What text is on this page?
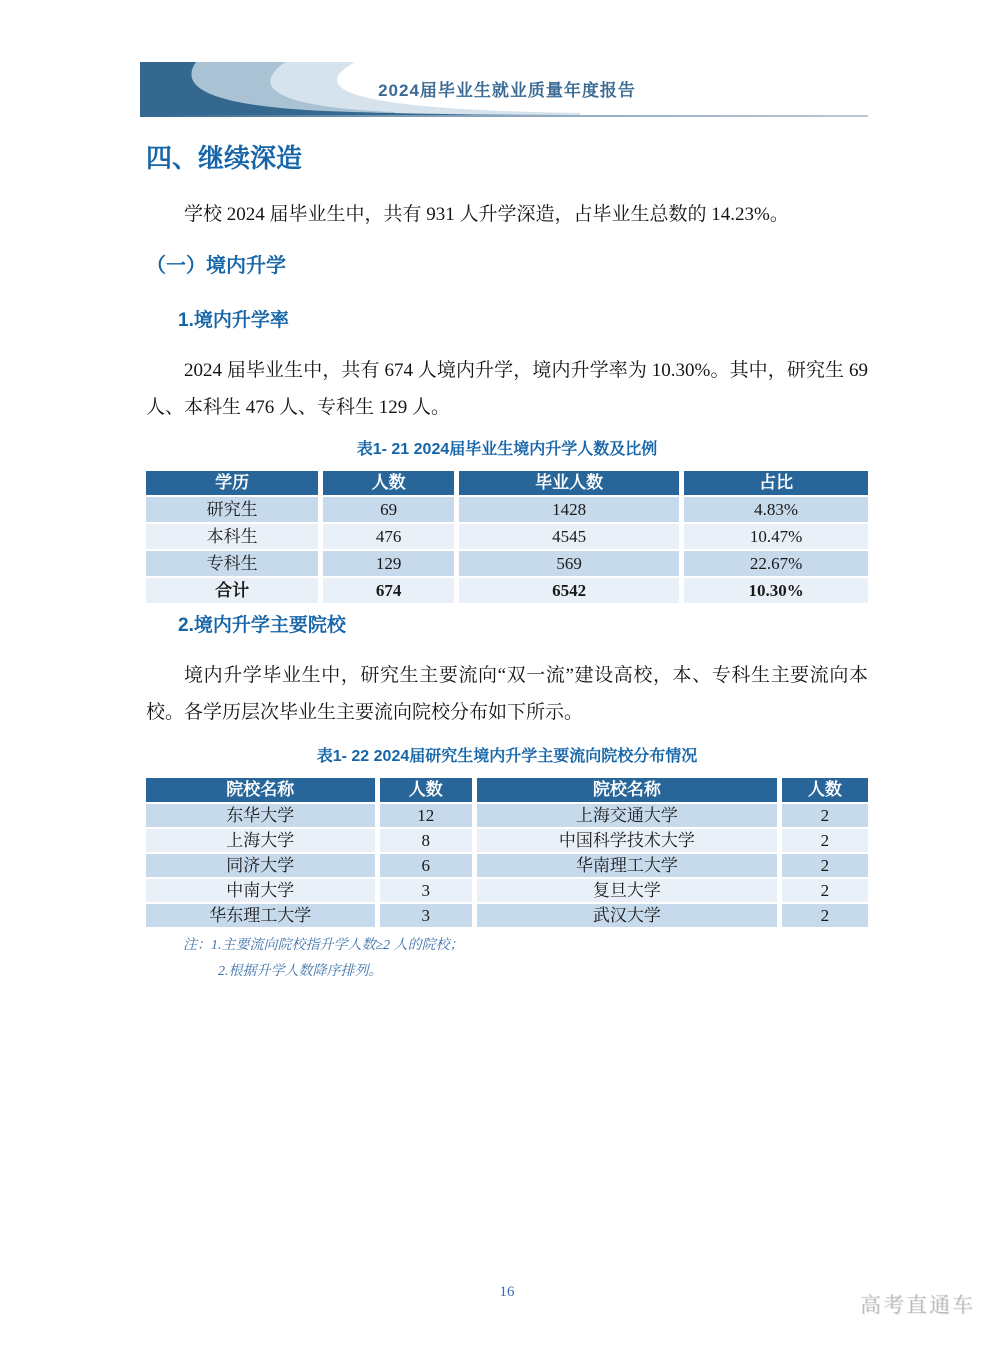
2024届毕业生就业质量年度报告
四、继续深造

学校 2024 届毕业生中，共有 931 人升学深造，占毕业生总数的 14.23%。

（一）境内升学
1.境内升学率

2024 届毕业生中，共有 674 人境内升学，境内升学率为 10.30%。其中，研究生 69 人、本科生 476 人、专科生 129 人。

表1- 21 2024届毕业生境内升学人数及比例
学历	人数	毕业人数	占比
研究生	69	1428	4.83%
本科生	476	4545	10.47%
专科生	129	569	22.67%
合计	674	6542	10.30%
2.境内升学主要院校

境内升学毕业生中，研究生主要流向“双一流”建设高校，本、专科生主要流向本校。各学历层次毕业生主要流向院校分布如下所示。

表1- 22 2024届研究生境内升学主要流向院校分布情况
院校名称	人数	院校名称	人数
东华大学	12	上海交通大学	2
上海大学	8	中国科学技术大学	2
同济大学	6	华南理工大学	2
中南大学	3	复旦大学	2
华东理工大学	3	武汉大学	2
注：1.主要流向院校指升学人数≥2 人的院校；
2.根据升学人数降序排列。
16
高考直通车
